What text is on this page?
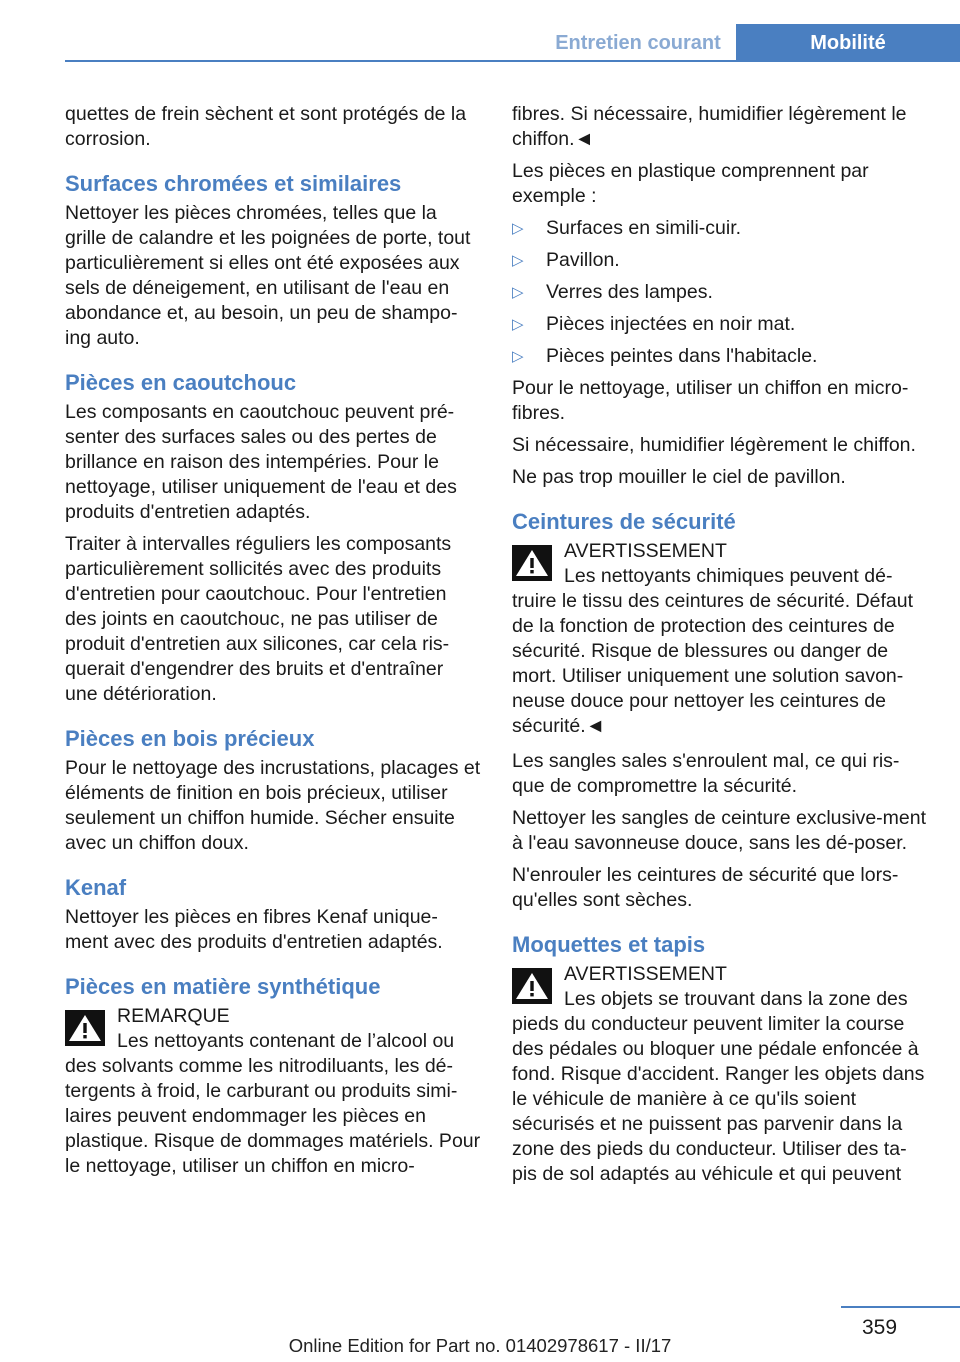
Entretien courant	Mobilité

quettes de frein sèchent et sont protégés de la corrosion.

Surfaces chromées et similaires

Nettoyer les pièces chromées, telles que la grille de calandre et les poignées de porte, tout particulièrement si elles ont été exposées aux sels de déneigement, en utilisant de l'eau en abondance et, au besoin, un peu de shampo-ing auto.

Pièces en caoutchouc

Les composants en caoutchouc peuvent pré-senter des surfaces sales ou des pertes de brillance en raison des intempéries. Pour le nettoyage, utiliser uniquement de l'eau et des produits d'entretien adaptés.

Traiter à intervalles réguliers les composants particulièrement sollicités avec des produits d'entretien pour caoutchouc. Pour l'entretien des joints en caoutchouc, ne pas utiliser de produit d'entretien aux silicones, car cela ris-querait d'engendrer des bruits et d'entraîner une détérioration.

Pièces en bois précieux

Pour le nettoyage des incrustations, placages et éléments de finition en bois précieux, utiliser seulement un chiffon humide. Sécher ensuite avec un chiffon doux.

Kenaf

Nettoyer les pièces en fibres Kenaf unique-ment avec des produits d'entretien adaptés.

Pièces en matière synthétique
REMARQUE
Les nettoyants contenant de l’alcool ou
des solvants comme les nitrodiluants, les dé-tergents à froid, le carburant ou produits simi-laires peuvent endommager les pièces en plastique. Risque de dommages matériels. Pour le nettoyage, utiliser un chiffon en micro-

fibres. Si nécessaire, humidifier légèrement le chiffon.◄

Les pièces en plastique comprennent par exemple :

▷ Surfaces en simili-cuir.
▷ Pavillon.
▷ Verres des lampes.
▷ Pièces injectées en noir mat.
▷ Pièces peintes dans l'habitacle.

Pour le nettoyage, utiliser un chiffon en micro-fibres.

Si nécessaire, humidifier légèrement le chiffon.

Ne pas trop mouiller le ciel de pavillon.

Ceintures de sécurité
AVERTISSEMENT
Les nettoyants chimiques peuvent dé-
truire le tissu des ceintures de sécurité. Défaut de la fonction de protection des ceintures de sécurité. Risque de blessures ou danger de mort. Utiliser uniquement une solution savon-neuse douce pour nettoyer les ceintures de sécurité.◄

Les sangles sales s'enroulent mal, ce qui ris-que de compromettre la sécurité.

Nettoyer les sangles de ceinture exclusive-ment à l'eau savonneuse douce, sans les dé-poser.

N'enrouler les ceintures de sécurité que lors-qu'elles sont sèches.

Moquettes et tapis
AVERTISSEMENT
Les objets se trouvant dans la zone des
pieds du conducteur peuvent limiter la course des pédales ou bloquer une pédale enfoncée à fond. Risque d'accident. Ranger les objets dans le véhicule de manière à ce qu'ils soient sécurisés et ne puissent pas parvenir dans la zone des pieds du conducteur. Utiliser des ta-pis de sol adaptés au véhicule et qui peuvent
359
Online Edition for Part no. 01402978617 - II/17
